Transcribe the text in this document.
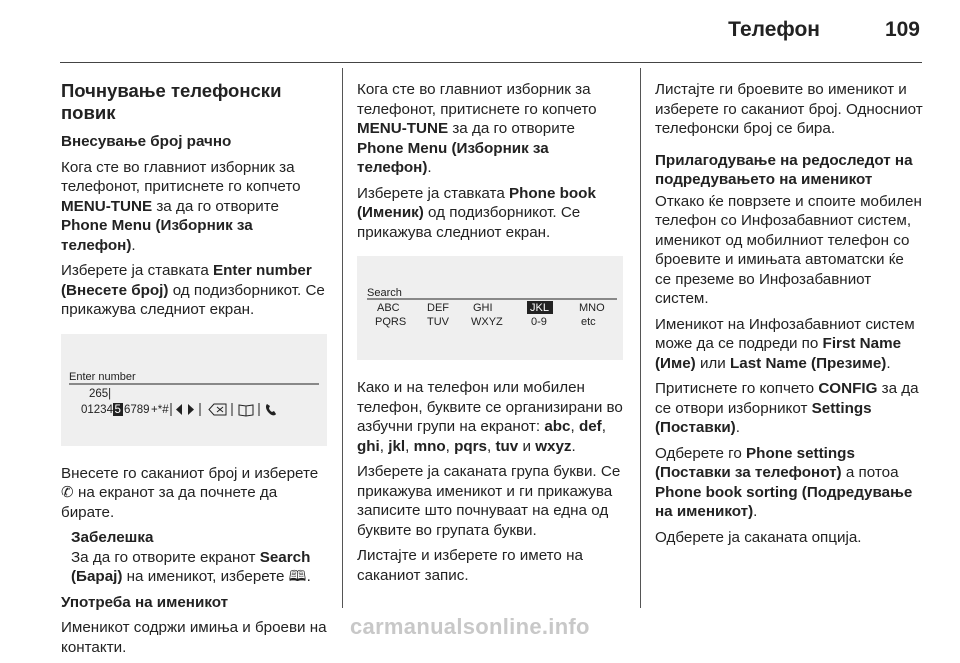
Телефон	109
Почнување телефонски повик

Внесување број рачно

Кога сте во главниот изборник за телефонот, притиснете го копчето MENU-TUNE за да го отворите Phone Menu (Изборник за телефон).

Изберете ја ставката Enter number (Внесете број) од подизборникот. Се прикажува следниот екран.

Enter number
265|
01234 5 6789 +*#

Внесете го саканиот број и изберете ✆ на екранот за да почнете да бирате.

Забелешка
За да го отворите екранот Search (Барај) на именикот, изберете 🕮.

Употреба на именикот

Именикот содржи имиња и броеви на контакти.

Кога сте во главниот изборник за телефонот, притиснете го копчето MENU-TUNE за да го отворите Phone Menu (Изборник за телефон).

Изберете ја ставката Phone book (Именик) од подизборникот. Се прикажува следниот екран.

Search
ABC DEF GHI	JKL	MNO
PQRS TUV WXYZ	0-9	etc

Како и на телефон или мобилен телефон, буквите се организирани во азбучни групи на екранот: abc, def, ghi, jkl, mno, pqrs, tuv и wxyz.

Изберете ја саканата група букви. Се прикажува именикот и ги прикажува записите што почнуваат на една од буквите во групата букви.

Листајте и изберете го името на саканиот запис.

Листајте ги броевите во именикот и изберете го саканиот број. Односниот телефонски број се бира.

Прилагодување на редоследот на подредувањето на именикот

Откако ќе поврзете и споите мобилен телефон со Инфозабавниот систем, именикот од мобилниот телефон со броевите и имињата автоматски ќе се преземе во Инфозабавниот систем.

Именикот на Инфозабавниот систем може да се подреди по First Name (Име) или Last Name (Презиме).

Притиснете го копчето CONFIG за да се отвори изборникот Settings (Поставки).

Одберете го Phone settings (Поставки за телефонот) а потоа Phone book sorting (Подредување на именикот).

Одберете ја саканата опција.

carmanualsonline.info
